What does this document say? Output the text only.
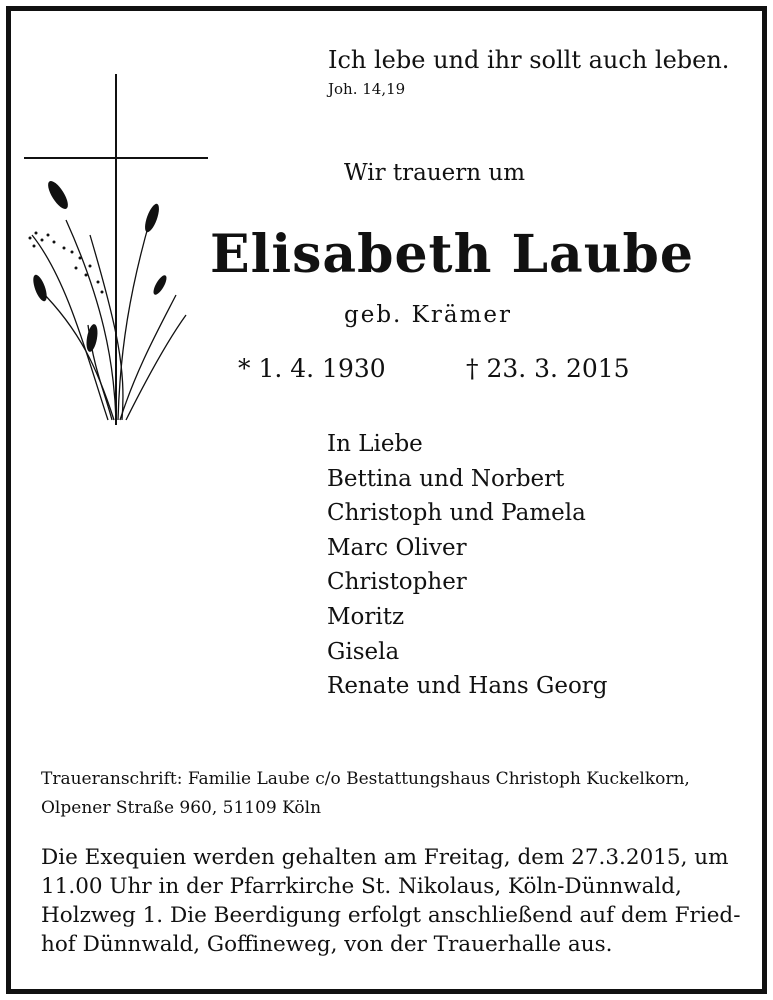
Ich lebe und ihr sollt auch leben.
Joh. 14,19
Wir trauern um
Elisabeth Laube
geb. Krämer
* 1. 4. 1930	† 23. 3. 2015
In Liebe
Bettina und Norbert
Christoph und Pamela
Marc Oliver
Christopher
Moritz
Gisela
Renate und Hans Georg
Traueranschrift: Familie Laube c/o Bestattungshaus Christoph Kuckelkorn,
Olpener Straße 960, 51109 Köln
Die Exequien werden gehalten am Freitag, dem 27.3.2015, um
11.00 Uhr in der Pfarrkirche St. Nikolaus, Köln-Dünnwald,
Holzweg 1. Die Beerdigung erfolgt anschließend auf dem Fried-
hof Dünnwald, Goffineweg, von der Trauerhalle aus.
